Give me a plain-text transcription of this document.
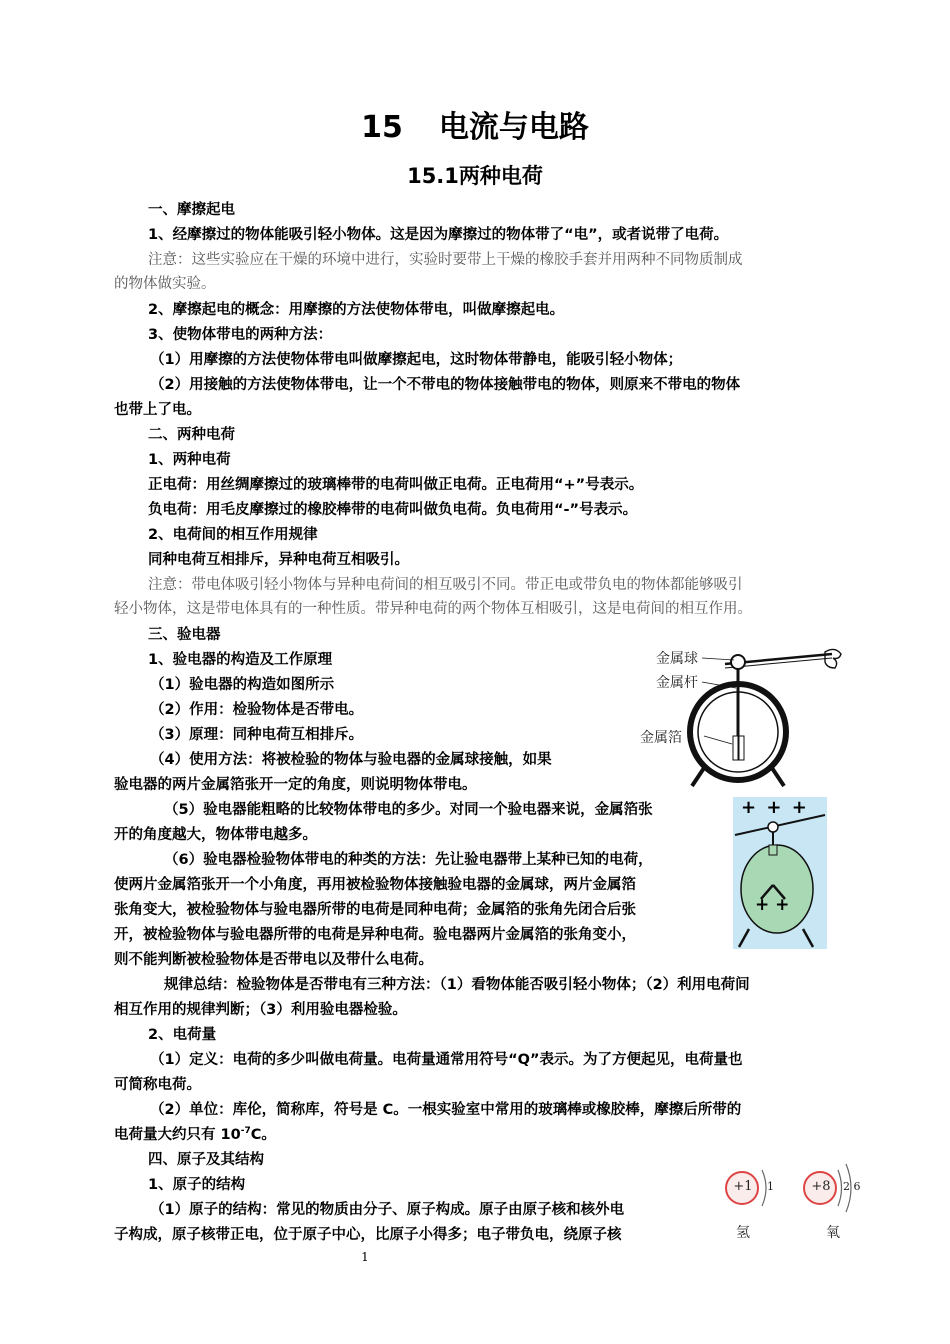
15 电流与电路
15.1两种电荷
一、摩擦起电
1、经摩擦过的物体能吸引轻小物体。这是因为摩擦过的物体带了“电”，或者说带了电荷。
注意：这些实验应在干燥的环境中进行，实验时要带上干燥的橡胶手套并用两种不同物质制成
的物体做实验。
2、摩擦起电的概念：用摩擦的方法使物体带电，叫做摩擦起电。
3、使物体带电的两种方法：
（1）用摩擦的方法使物体带电叫做摩擦起电，这时物体带静电，能吸引轻小物体；
（2）用接触的方法使物体带电，让一个不带电的物体接触带电的物体，则原来不带电的物体
也带上了电。
二、两种电荷
1、两种电荷
正电荷：用丝绸摩擦过的玻璃棒带的电荷叫做正电荷。正电荷用“+”号表示。
负电荷：用毛皮摩擦过的橡胶棒带的电荷叫做负电荷。负电荷用“-”号表示。
2、电荷间的相互作用规律
同种电荷互相排斥，异种电荷互相吸引。
注意：带电体吸引轻小物体与异种电荷间的相互吸引不同。带正电或带负电的物体都能够吸引
轻小物体，这是带电体具有的一种性质。带异种电荷的两个物体互相吸引，这是电荷间的相互作用。
三、验电器
1、验电器的构造及工作原理
（1）验电器的构造如图所示
（2）作用：检验物体是否带电。
（3）原理：同种电荷互相排斥。
（4）使用方法：将被检验的物体与验电器的金属球接触，如果
验电器的两片金属箔张开一定的角度，则说明物体带电。
（5）验电器能粗略的比较物体带电的多少。对同一个验电器来说，金属箔张
开的角度越大，物体带电越多。
（6）验电器检验物体带电的种类的方法：先让验电器带上某种已知的电荷，
使两片金属箔张开一个小角度，再用被检验物体接触验电器的金属球，两片金属箔
张角变大，被检验物体与验电器所带的电荷是同种电荷；金属箔的张角先闭合后张
开，被检验物体与验电器所带的电荷是异种电荷。验电器两片金属箔的张角变小，
则不能判断被检验物体是否带电以及带什么电荷。
规律总结：检验物体是否带电有三种方法：（1）看物体能否吸引轻小物体；（2）利用电荷间
相互作用的规律判断；（3）利用验电器检验。
2、电荷量
（1）定义：电荷的多少叫做电荷量。电荷量通常用符号“Q”表示。为了方便起见，电荷量也
可简称电荷。
（2）单位：库伦，简称库，符号是 C。一根实验室中常用的玻璃棒或橡胶棒，摩擦后所带的
电荷量大约只有 $10^{-7}C$。
四、原子及其结构
1、原子的结构
（1）原子的结构：常见的物质由分子、原子构成。原子由原子核和核外电
子构成，原子核带正电，位于原子中心，比原子小得多；电子带负电，绕原子核
金属球
金属杆
金属箔
+ + +
+ +
+1 1
氢
+8 2 6
氧
1
